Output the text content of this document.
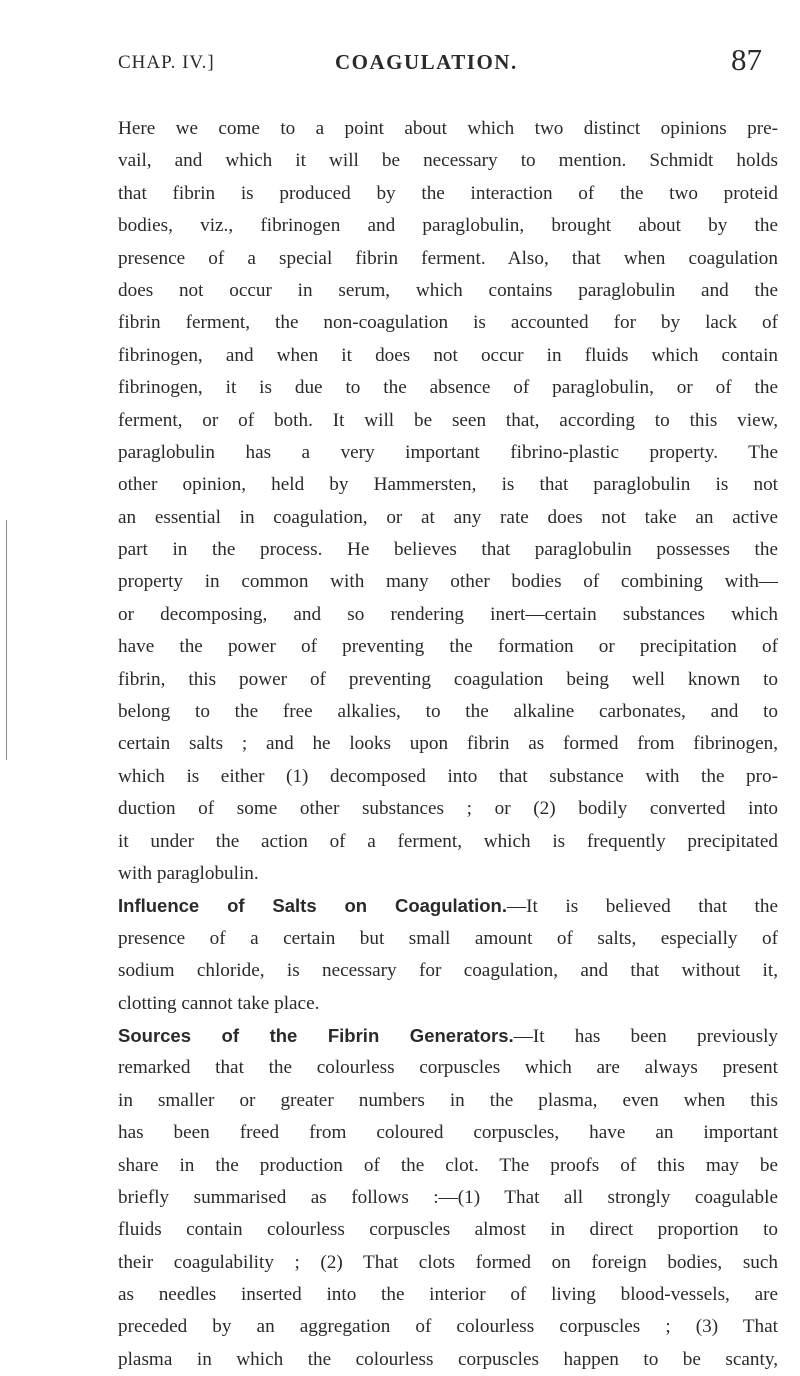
CHAP. IV.]	COAGULATION.	87
Here we come to a point about which two distinct opinions pre-
vail, and which it will be necessary to mention. Schmidt holds
that fibrin is produced by the interaction of the two proteid
bodies, viz., fibrinogen and paraglobulin, brought about by the
presence of a special fibrin ferment. Also, that when coagulation
does not occur in serum, which contains paraglobulin and the
fibrin ferment, the non-coagulation is accounted for by lack of
fibrinogen, and when it does not occur in fluids which contain
fibrinogen, it is due to the absence of paraglobulin, or of the
ferment, or of both. It will be seen that, according to this view,
paraglobulin has a very important fibrino-plastic property. The
other opinion, held by Hammersten, is that paraglobulin is not
an essential in coagulation, or at any rate does not take an active
part in the process. He believes that paraglobulin possesses the
property in common with many other bodies of combining with—
or decomposing, and so rendering inert—certain substances which
have the power of preventing the formation or precipitation of
fibrin, this power of preventing coagulation being well known to
belong to the free alkalies, to the alkaline carbonates, and to
certain salts ; and he looks upon fibrin as formed from fibrinogen,
which is either (1) decomposed into that substance with the pro-
duction of some other substances ; or (2) bodily converted into
it under the action of a ferment, which is frequently precipitated
with paraglobulin.
Influence of Salts on Coagulation.—It is believed that the
presence of a certain but small amount of salts, especially of
sodium chloride, is necessary for coagulation, and that without it,
clotting cannot take place.
Sources of the Fibrin Generators.—It has been previously
remarked that the colourless corpuscles which are always present
in smaller or greater numbers in the plasma, even when this
has been freed from coloured corpuscles, have an important
share in the production of the clot. The proofs of this may be
briefly summarised as follows :—(1) That all strongly coagulable
fluids contain colourless corpuscles almost in direct proportion to
their coagulability ; (2) That clots formed on foreign bodies, such
as needles inserted into the interior of living blood-vessels, are
preceded by an aggregation of colourless corpuscles ; (3) That
plasma in which the colourless corpuscles happen to be scanty,
